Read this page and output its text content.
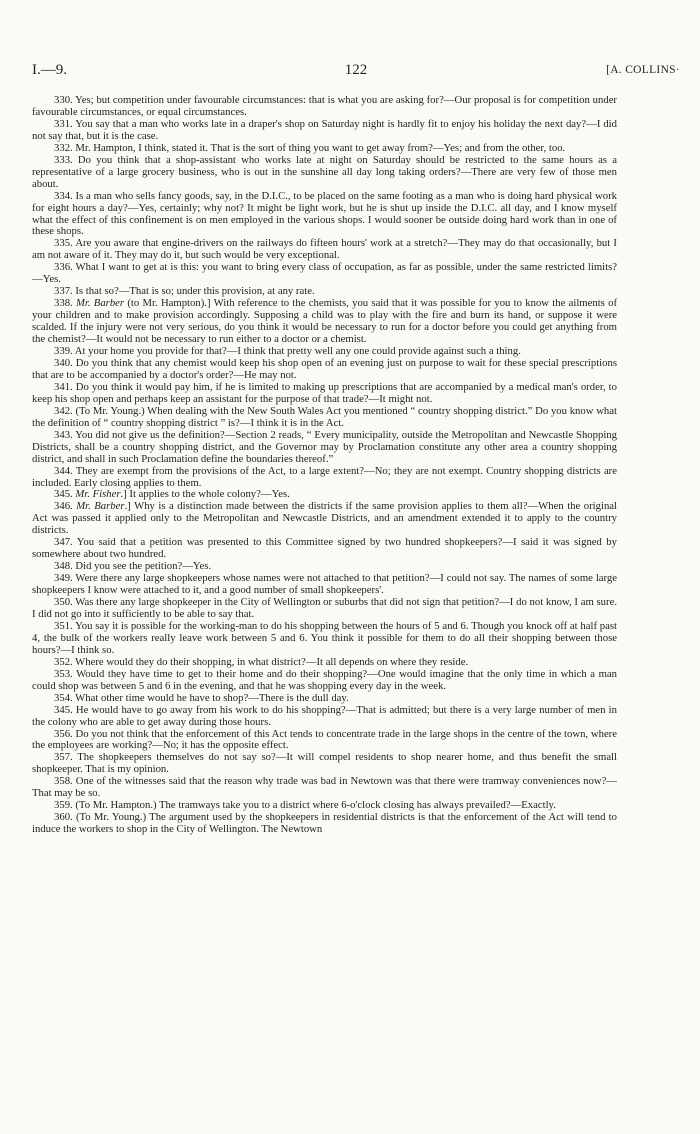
I.—9.	122	[A. COLLINS·

330. Yes; but competition under favourable circumstances: that is what you are asking for?—Our proposal is for competition under favourable circumstances, or equal circumstances.

331. You say that a man who works late in a draper's shop on Saturday night is hardly fit to enjoy his holiday the next day?—I did not say that, but it is the case.

332. Mr. Hampton, I think, stated it. That is the sort of thing you want to get away from?—Yes; and from the other, too.

333. Do you think that a shop-assistant who works late at night on Saturday should be restricted to the same hours as a representative of a large grocery business, who is out in the sunshine all day long taking orders?—There are very few of those men about.

334. Is a man who sells fancy goods, say, in the D.I.C., to be placed on the same footing as a man who is doing hard physical work for eight hours a day?—Yes, certainly; why not? It might be light work, but he is shut up inside the D.I.C. all day, and I know myself what the effect of this confinement is on men employed in the various shops. I would sooner be outside doing hard work than in one of these shops.

335. Are you aware that engine-drivers on the railways do fifteen hours' work at a stretch?—They may do that occasionally, but I am not aware of it. They may do it, but such would be very exceptional.

336. What I want to get at is this: you want to bring every class of occupation, as far as possible, under the same restricted limits?—Yes.

337. Is that so?—That is so; under this provision, at any rate.

338. Mr. Barber (to Mr. Hampton).] With reference to the chemists, you said that it was possible for you to know the ailments of your children and to make provision accordingly. Supposing a child was to play with the fire and burn its hand, or suppose it were scalded. If the injury were not very serious, do you think it would be necessary to run for a doctor before you could get anything from the chemist?—It would not be necessary to run either to a doctor or a chemist.

339. At your home you provide for that?—I think that pretty well any one could provide against such a thing.

340. Do you think that any chemist would keep his shop open of an evening just on purpose to wait for these special prescriptions that are to be accompanied by a doctor's order?—He may not.

341. Do you think it would pay him, if he is limited to making up prescriptions that are accompanied by a medical man's order, to keep his shop open and perhaps keep an assistant for the purpose of that trade?—It might not.

342. (To Mr. Young.) When dealing with the New South Wales Act you mentioned “ country shopping district.” Do you know what the definition of “ country shopping district ” is?—I think it is in the Act.

343. You did not give us the definition?—Section 2 reads, “ Every municipality, outside the Metropolitan and Newcastle Shopping Districts, shall be a country shopping district, and the Governor may by Proclamation constitute any other area a country shopping district, and shall in such Proclamation define the boundaries thereof.”

344. They are exempt from the provisions of the Act, to a large extent?—No; they are not exempt. Country shopping districts are included. Early closing applies to them.

345. Mr. Fisher.] It applies to the whole colony?—Yes.

346. Mr. Barber.] Why is a distinction made between the districts if the same provision applies to them all?—When the original Act was passed it applied only to the Metropolitan and Newcastle Districts, and an amendment extended it to apply to the country districts.

347. You said that a petition was presented to this Committee signed by two hundred shopkeepers?—I said it was signed by somewhere about two hundred.

348. Did you see the petition?—Yes.

349. Were there any large shopkeepers whose names were not attached to that petition?—I could not say. The names of some large shopkeepers I know were attached to it, and a good number of small shopkeepers'.

350. Was there any large shopkeeper in the City of Wellington or suburbs that did not sign that petition?—I do not know, I am sure. I did not go into it sufficiently to be able to say that.

351. You say it is possible for the working-man to do his shopping between the hours of 5 and 6. Though you knock off at half past 4, the bulk of the workers really leave work between 5 and 6. You think it possible for them to do all their shopping between those hours?—I think so.

352. Where would they do their shopping, in what district?—It all depends on where they reside.

353. Would they have time to get to their home and do their shopping?—One would imagine that the only time in which a man could shop was between 5 and 6 in the evening, and that he was shopping every day in the week.

354. What other time would he have to shop?—There is the dull day.

345. He would have to go away from his work to do his shopping?—That is admitted; but there is a very large number of men in the colony who are able to get away during those hours.

356. Do you not think that the enforcement of this Act tends to concentrate trade in the large shops in the centre of the town, where the employees are working?—No; it has the opposite effect.

357. The shopkeepers themselves do not say so?—It will compel residents to shop nearer home, and thus benefit the small shopkeeper. That is my opinion.

358. One of the witnesses said that the reason why trade was bad in Newtown was that there were tramway conveniences now?—That may be so.

359. (To Mr. Hampton.) The tramways take you to a district where 6-o'clock closing has always prevailed?—Exactly.

360. (To Mr. Young.) The argument used by the shopkeepers in residential districts is that the enforcement of the Act will tend to induce the workers to shop in the City of Wellington. The Newtown
